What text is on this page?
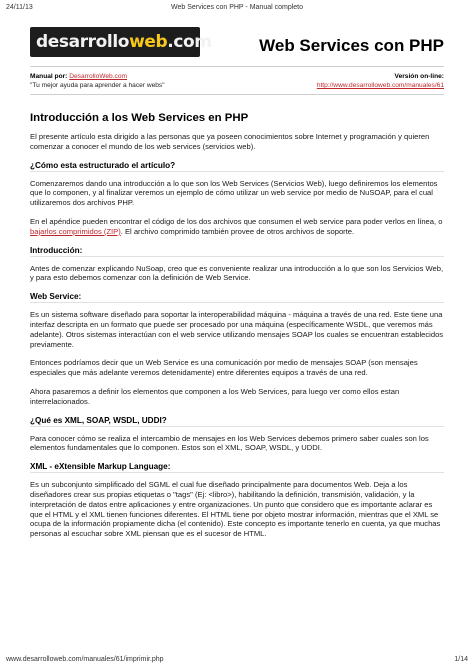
24/11/13	Web Services con PHP - Manual completo
desarrolloweb.com	Web Services con PHP
Manual por: DesarrolloWeb.com
"Tu mejor ayuda para aprender a hacer webs"
Versión on-line:
http://www.desarrolloweb.com/manuales/61
Introducción a los Web Services en PHP

El presente artículo esta dirigido a las personas que ya poseen conocimientos sobre Internet y programación y quieren comenzar a conocer el mundo de los web services (servicios web).

¿Cómo esta estructurado el artículo?

Comenzaremos dando una introducción a lo que son los Web Services (Servicios Web), luego definiremos los elementos que lo componen, y al finalizar veremos un ejemplo de cómo utilizar un web service por medio de NuSOAP, para el cual utilizaremos dos archivos PHP.

En el apéndice pueden encontrar el código de los dos archivos que consumen el web service para poder verlos en línea, o bajarlos comprimidos (ZIP). El archivo comprimido también provee de otros archivos de soporte.

Introducción:

Antes de comenzar explicando NuSoap, creo que es conveniente realizar una introducción a lo que son los Servicios Web, y para esto debemos comenzar con la definición de Web Service.

Web Service:

Es un sistema software diseñado para soportar la interoperabilidad máquina - máquina a través de una red. Este tiene una interfaz descripta en un formato que puede ser procesado por una máquina (específicamente WSDL, que veremos más adelante). Otros sistemas interactúan con el web service utilizando mensajes SOAP los cuales se encuentran establecidos previamente.

Entonces podríamos decir que un Web Service es una comunicación por medio de mensajes SOAP (son mensajes especiales que más adelante veremos detenidamente) entre diferentes equipos a través de una red.

Ahora pasaremos a definir los elementos que componen a los Web Services, para luego ver como ellos estan interrelacionados.

¿Qué es XML, SOAP, WSDL, UDDI?

Para conocer cómo se realiza el intercambio de mensajes en los Web Services debemos primero saber cuales son los elementos fundamentales que lo componen. Estos son el XML, SOAP, WSDL, y UDDI.

XML - eXtensible Markup Language:

Es un subconjunto simplificado del SGML el cual fue diseñado principalmente para documentos Web. Deja a los diseñadores crear sus propias etiquetas o "tags" (Ej: <libro>), habilitando la definición, transmisión, validación, y la interpretación de datos entre aplicaciones y entre organizaciones. Un punto que considero que es importante aclarar es que el HTML y el XML tienen funciones diferentes. El HTML tiene por objeto mostrar información, mientras que el XML se ocupa de la información propiamente dicha (el contenido). Este concepto es importante tenerlo en cuenta, ya que muchas personas al escuchar sobre XML piensan que es el sucesor de HTML.

www.desarrolloweb.com/manuales/61/imprimir.php	1/14
